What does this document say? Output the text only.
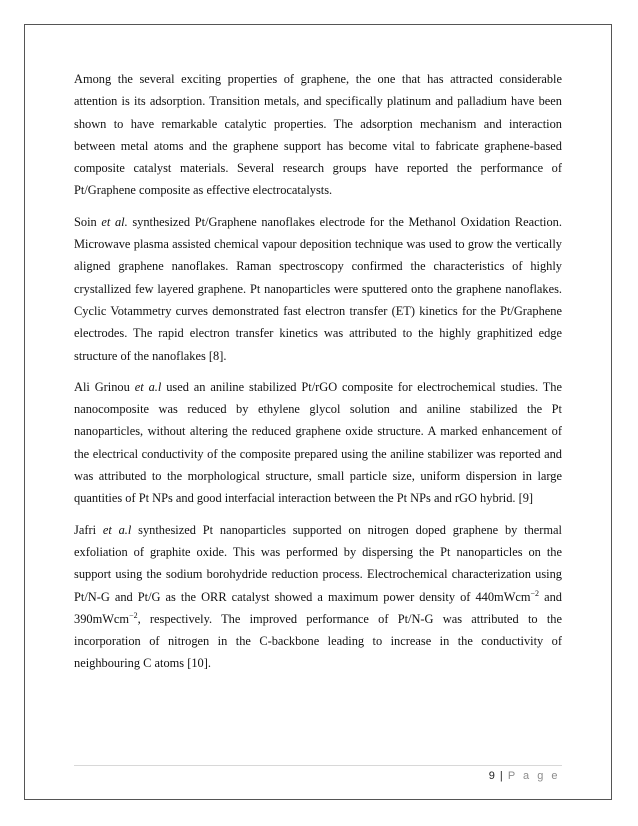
Among the several exciting properties of graphene, the one that has attracted considerable attention is its adsorption. Transition metals, and specifically platinum and palladium have been shown to have remarkable catalytic properties. The adsorption mechanism and interaction between metal atoms and the graphene support has become vital to fabricate graphene-based composite catalyst materials. Several research groups have reported the performance of Pt/Graphene composite as effective electrocatalysts.

Soin et al. synthesized Pt/Graphene nanoflakes electrode for the Methanol Oxidation Reaction. Microwave plasma assisted chemical vapour deposition technique was used to grow the vertically aligned graphene nanoflakes. Raman spectroscopy confirmed the characteristics of highly crystallized few layered graphene. Pt nanoparticles were sputtered onto the graphene nanoflakes. Cyclic Votammetry curves demonstrated fast electron transfer (ET) kinetics for the Pt/Graphene electrodes. The rapid electron transfer kinetics was attributed to the highly graphitized edge structure of the nanoflakes [8].

Ali Grinou et a.l used an aniline stabilized Pt/rGO composite for electrochemical studies. The nanocomposite was reduced by ethylene glycol solution and aniline stabilized the Pt nanoparticles, without altering the reduced graphene oxide structure. A marked enhancement of the electrical conductivity of the composite prepared using the aniline stabilizer was reported and was attributed to the morphological structure, small particle size, uniform dispersion in large quantities of Pt NPs and good interfacial interaction between the Pt NPs and rGO hybrid. [9]

Jafri et a.l synthesized Pt nanoparticles supported on nitrogen doped graphene by thermal exfoliation of graphite oxide. This was performed by dispersing the Pt nanoparticles on the support using the sodium borohydride reduction process. Electrochemical characterization using Pt/N-G and Pt/G as the ORR catalyst showed a maximum power density of 440mWcm$^{-2}$ and 390mWcm$^{-2}$, respectively. The improved performance of Pt/N-G was attributed to the incorporation of nitrogen in the C-backbone leading to increase in the conductivity of neighbouring C atoms [10].

9 | P a g e
